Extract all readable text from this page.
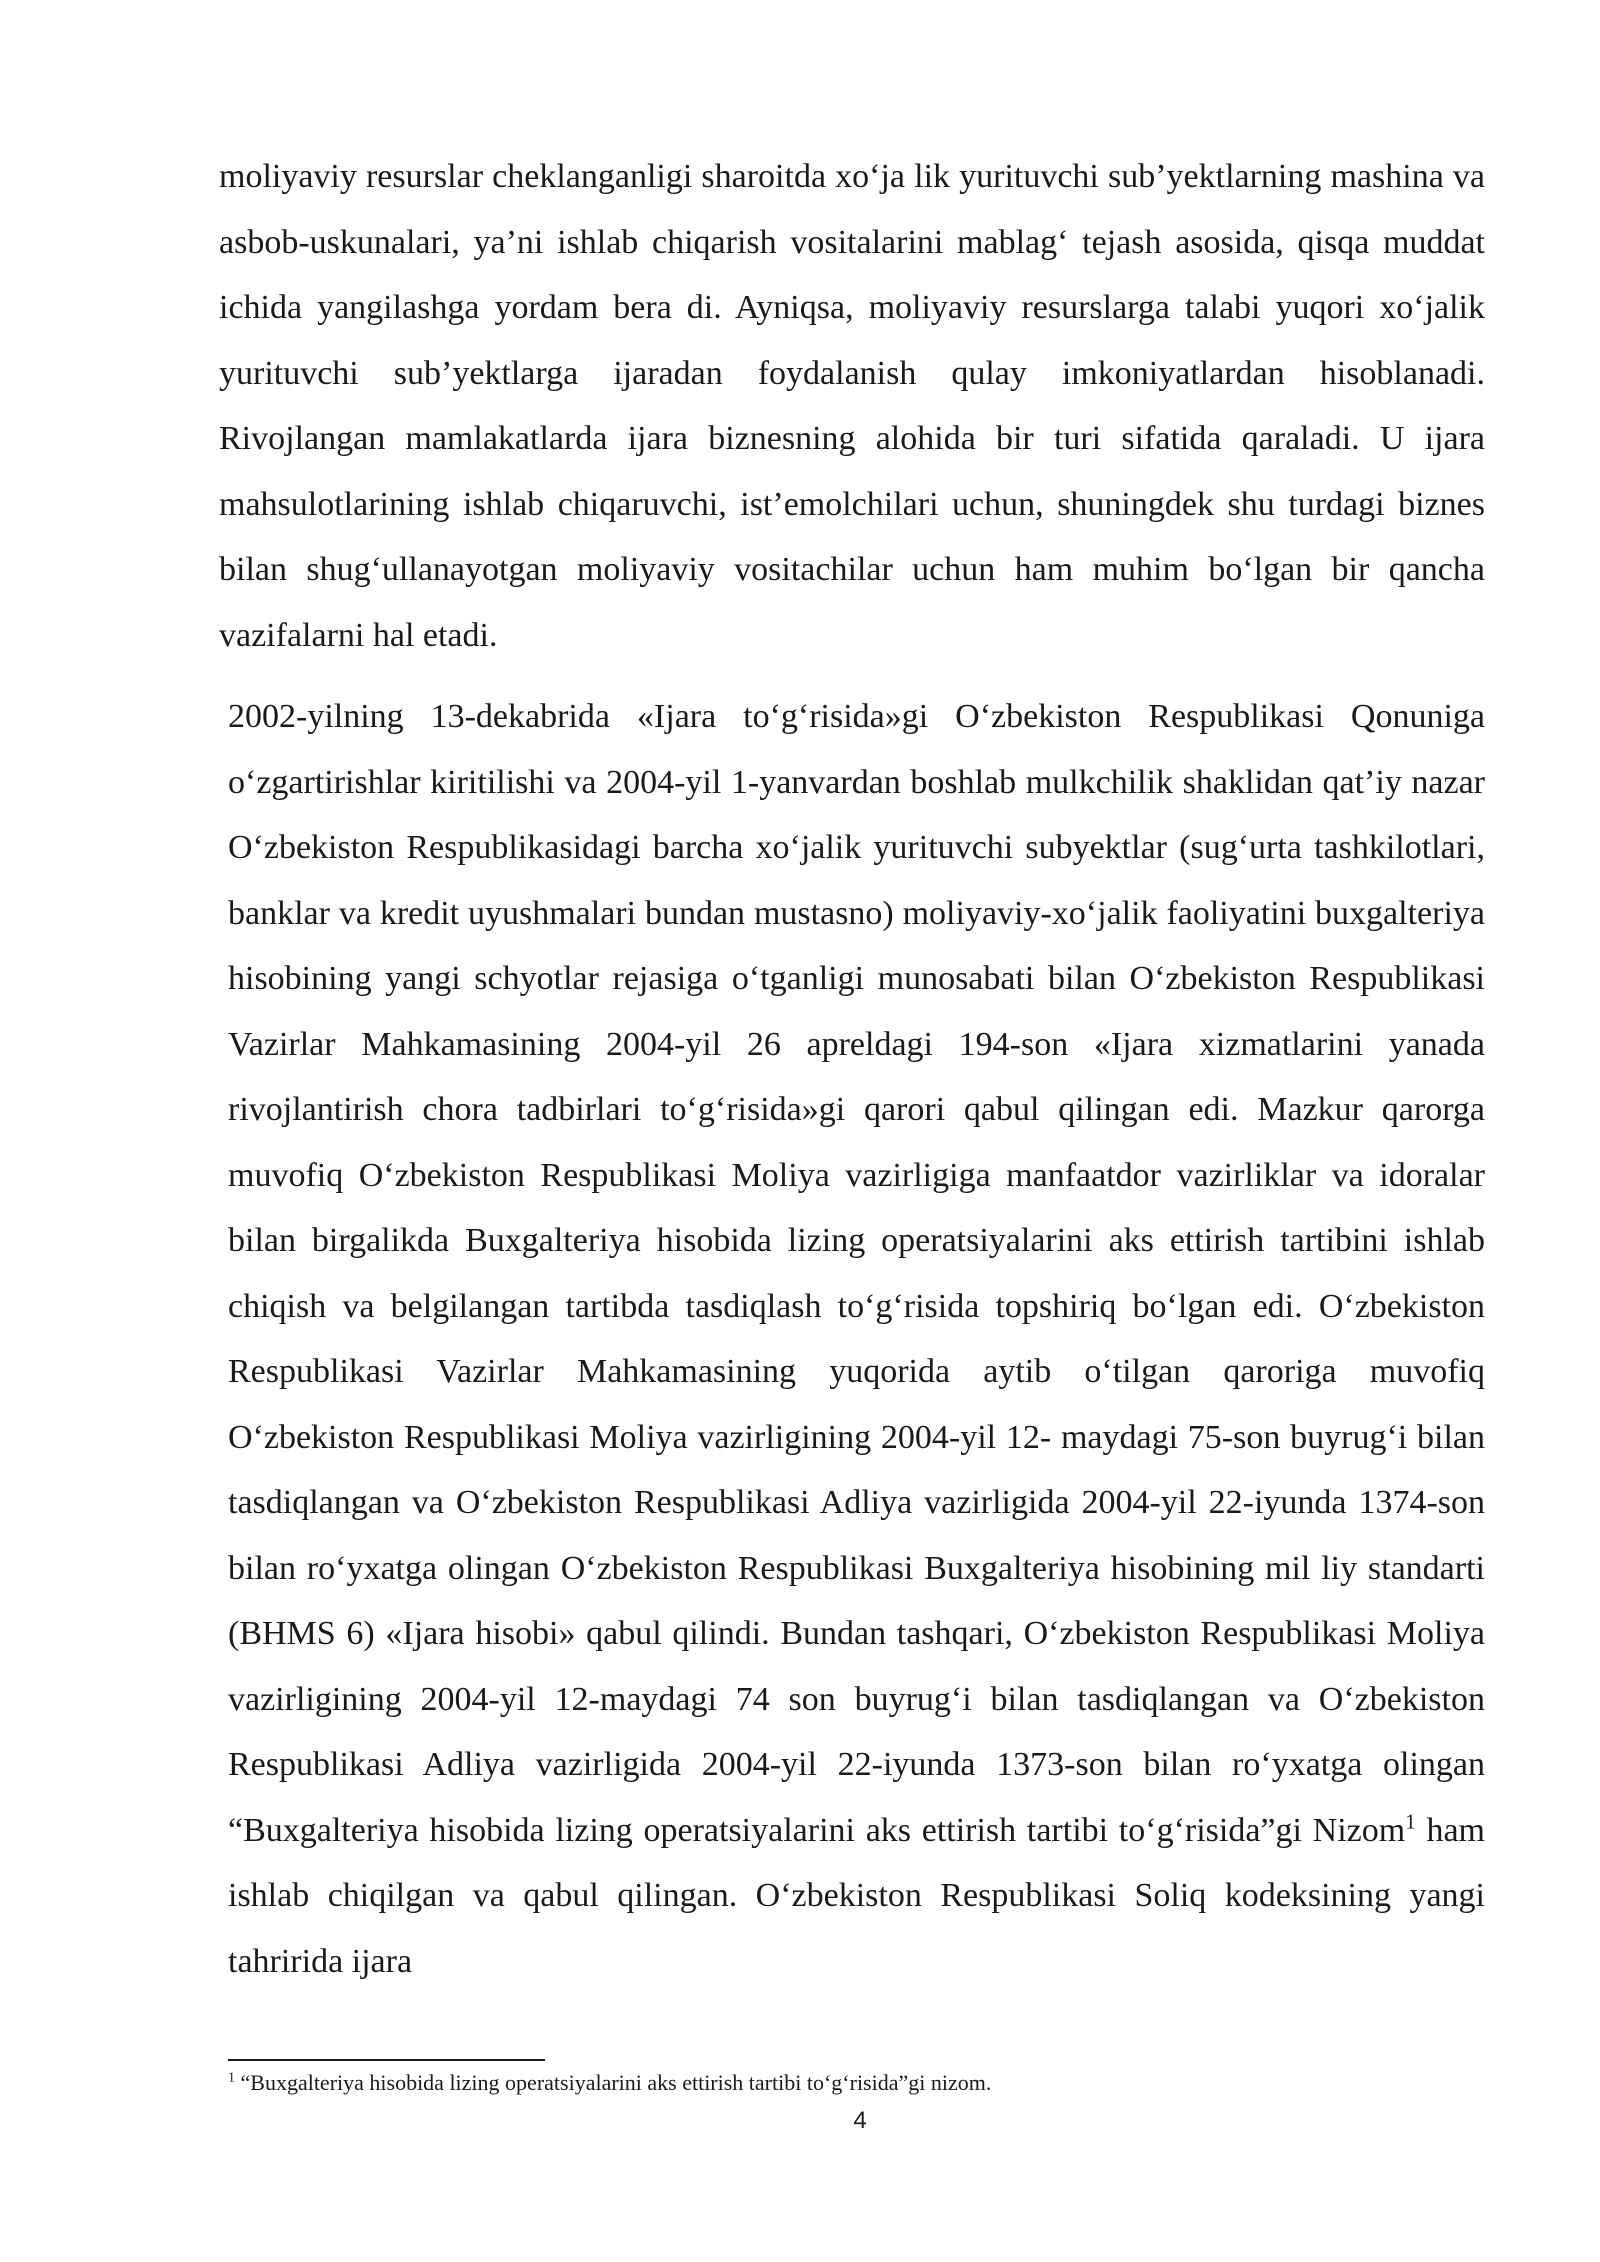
moliyaviy resurslar cheklanganligi sharoitda xo‘ja lik yurituvchi sub’yektlarning mashina va asbob-uskunalari, ya’ni ishlab chiqarish vositalarini mablag‘ tejash asosida, qisqa muddat ichida yangilashga yordam bera di. Ayniqsa, moliyaviy resurslarga talabi yuqori xo‘jalik yurituvchi sub’yektlarga ijaradan foydalanish qulay imkoniyatlardan hisoblanadi. Rivojlangan mamlakatlarda ijara biznesning alohida bir turi sifatida qaraladi. U ijara mahsulotlarining ishlab chiqaruvchi, ist’emolchilari uchun, shuningdek shu turdagi biznes bilan shug‘ullanayotgan moliyaviy vositachilar uchun ham muhim bo‘lgan bir qancha vazifalarni hal etadi.

2002-yilning 13-dekabrida «Ijara to‘g‘risida»gi O‘zbekiston Respublikasi Qonuniga o‘zgartirishlar kiritilishi va 2004-yil 1-yanvardan boshlab mulkchilik shaklidan qat’iy nazar O‘zbekiston Respublikasidagi barcha xo‘jalik yurituvchi subyektlar (sug‘urta tashkilotlari, banklar va kredit uyushmalari bundan mustasno) moliyaviy-xo‘jalik faoliyatini buxgalteriya hisobining yangi schyotlar rejasiga o‘tganligi munosabati bilan O‘zbekiston Respublikasi Vazirlar Mahkamasining 2004-yil 26 apreldagi 194-son «Ijara xizmatlarini yanada rivojlantirish chora tadbirlari to‘g‘risida»gi qarori qabul qilingan edi. Mazkur qarorga muvofiq O‘zbekiston Respublikasi Moliya vazirligiga manfaatdor vazirliklar va idoralar bilan birgalikda Buxgalteriya hisobida lizing operatsiyalarini aks ettirish tartibini ishlab chiqish va belgilangan tartibda tasdiqlash to‘g‘risida topshiriq bo‘lgan edi. O‘zbekiston Respublikasi Vazirlar Mahkamasining yuqorida aytib o‘tilgan qaroriga muvofiq O‘zbekiston Respublikasi Moliya vazirligining 2004-yil 12- maydagi 75-son buyrug‘i bilan tasdiqlangan va O‘zbekiston Respublikasi Adliya vazirligida 2004-yil 22-iyunda 1374-son bilan ro‘yxatga olingan O‘zbekiston Respublikasi Buxgalteriya hisobining mil liy standarti (BHMS 6) «Ijara hisobi» qabul qilindi. Bundan tashqari, O‘zbekiston Respublikasi Moliya vazirligining 2004-yil 12-maydagi 74 son buyrug‘i bilan tasdiqlangan va O‘zbekiston Respublikasi Adliya vazirligida 2004-yil 22-iyunda 1373-son bilan ro‘yxatga olingan “Buxgalteriya hisobida lizing operatsiyalarini aks ettirish tartibi to‘g‘risida”gi Nizom$^1$ ham ishlab chiqilgan va qabul qilingan. O‘zbekiston Respublikasi Soliq kodeksining yangi tahririda ijara

$^1$ “Buxgalteriya hisobida lizing operatsiyalarini aks ettirish tartibi to‘g‘risida”gi nizom.

4
